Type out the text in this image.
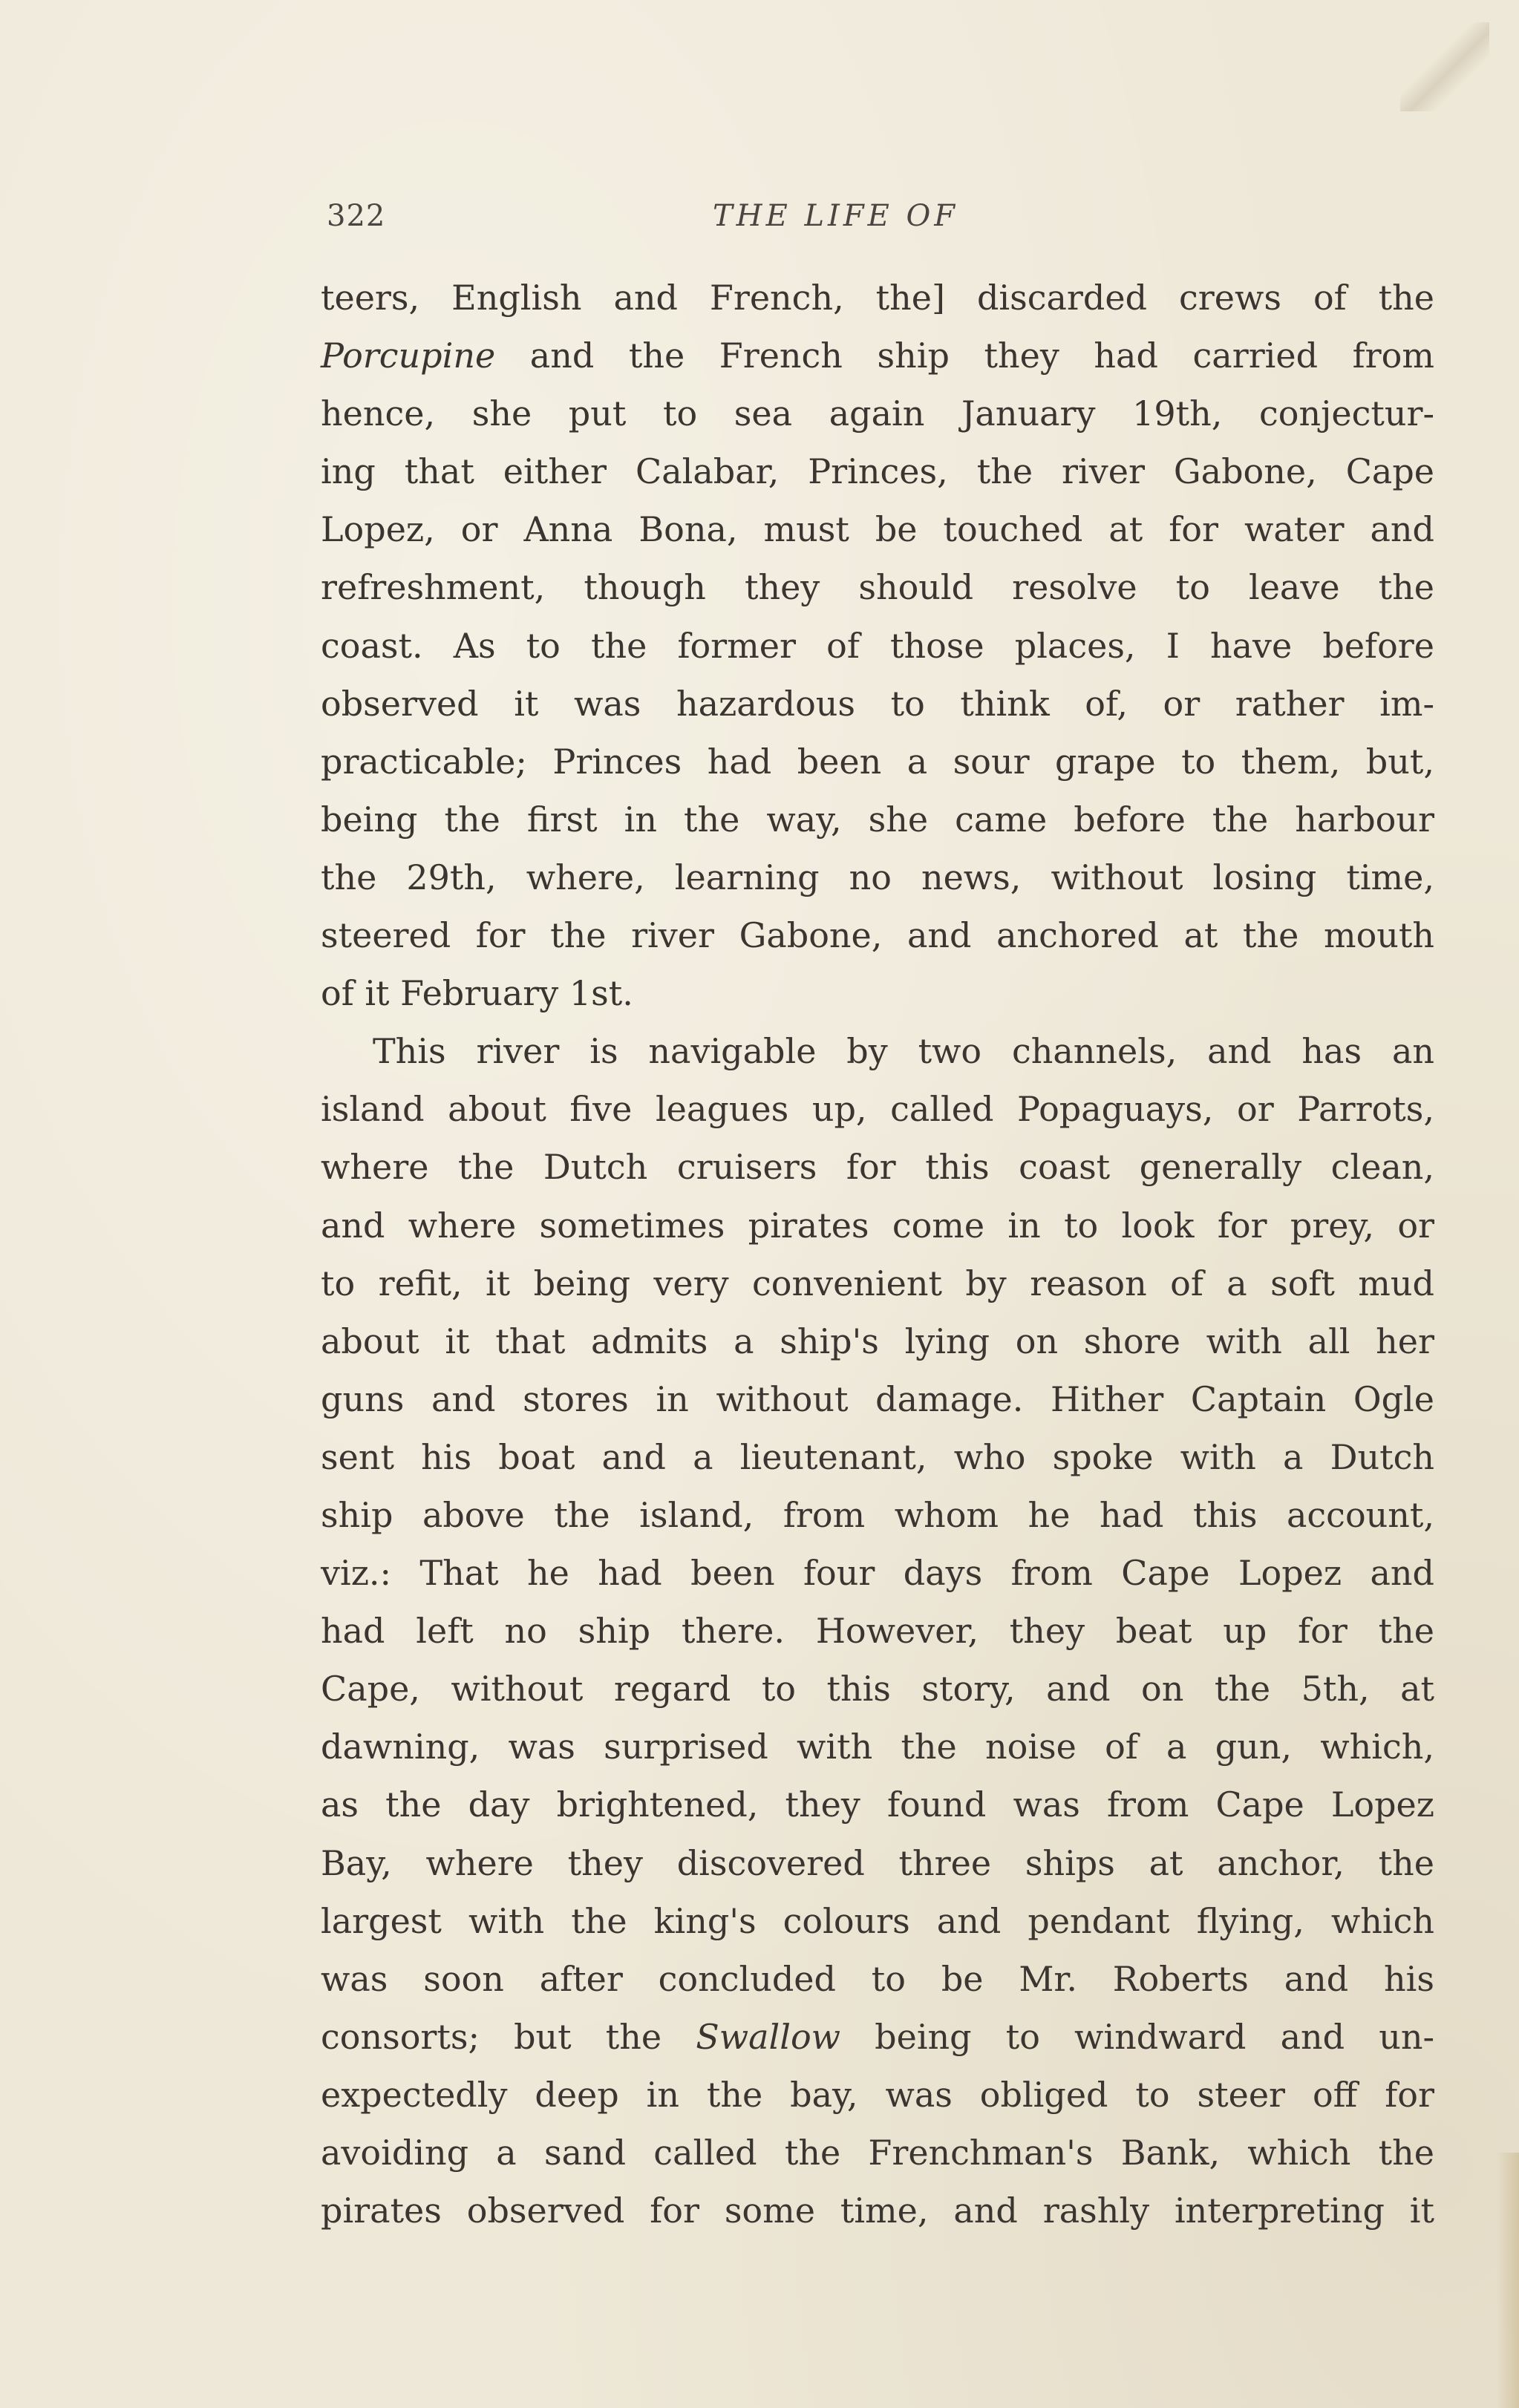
322	THE LIFE OF
teers, English and French, the] discarded crews of the
Porcupine and the French ship they had carried from
hence, she put to sea again January 19th, conjectur-
ing that either Calabar, Princes, the river Gabone, Cape
Lopez, or Anna Bona, must be touched at for water and
refreshment, though they should resolve to leave the
coast. As to the former of those places, I have before
observed it was hazardous to think of, or rather im-
practicable; Princes had been a sour grape to them, but,
being the first in the way, she came before the harbour
the 29th, where, learning no news, without losing time,
steered for the river Gabone, and anchored at the mouth
of it February 1st.
This river is navigable by two channels, and has an
island about five leagues up, called Popaguays, or Parrots,
where the Dutch cruisers for this coast generally clean,
and where sometimes pirates come in to look for prey, or
to refit, it being very convenient by reason of a soft mud
about it that admits a ship's lying on shore with all her
guns and stores in without damage. Hither Captain Ogle
sent his boat and a lieutenant, who spoke with a Dutch
ship above the island, from whom he had this account,
viz.: That he had been four days from Cape Lopez and
had left no ship there. However, they beat up for the
Cape, without regard to this story, and on the 5th, at
dawning, was surprised with the noise of a gun, which,
as the day brightened, they found was from Cape Lopez
Bay, where they discovered three ships at anchor, the
largest with the king's colours and pendant flying, which
was soon after concluded to be Mr. Roberts and his
consorts; but the Swallow being to windward and un-
expectedly deep in the bay, was obliged to steer off for
avoiding a sand called the Frenchman's Bank, which the
pirates observed for some time, and rashly interpreting it
